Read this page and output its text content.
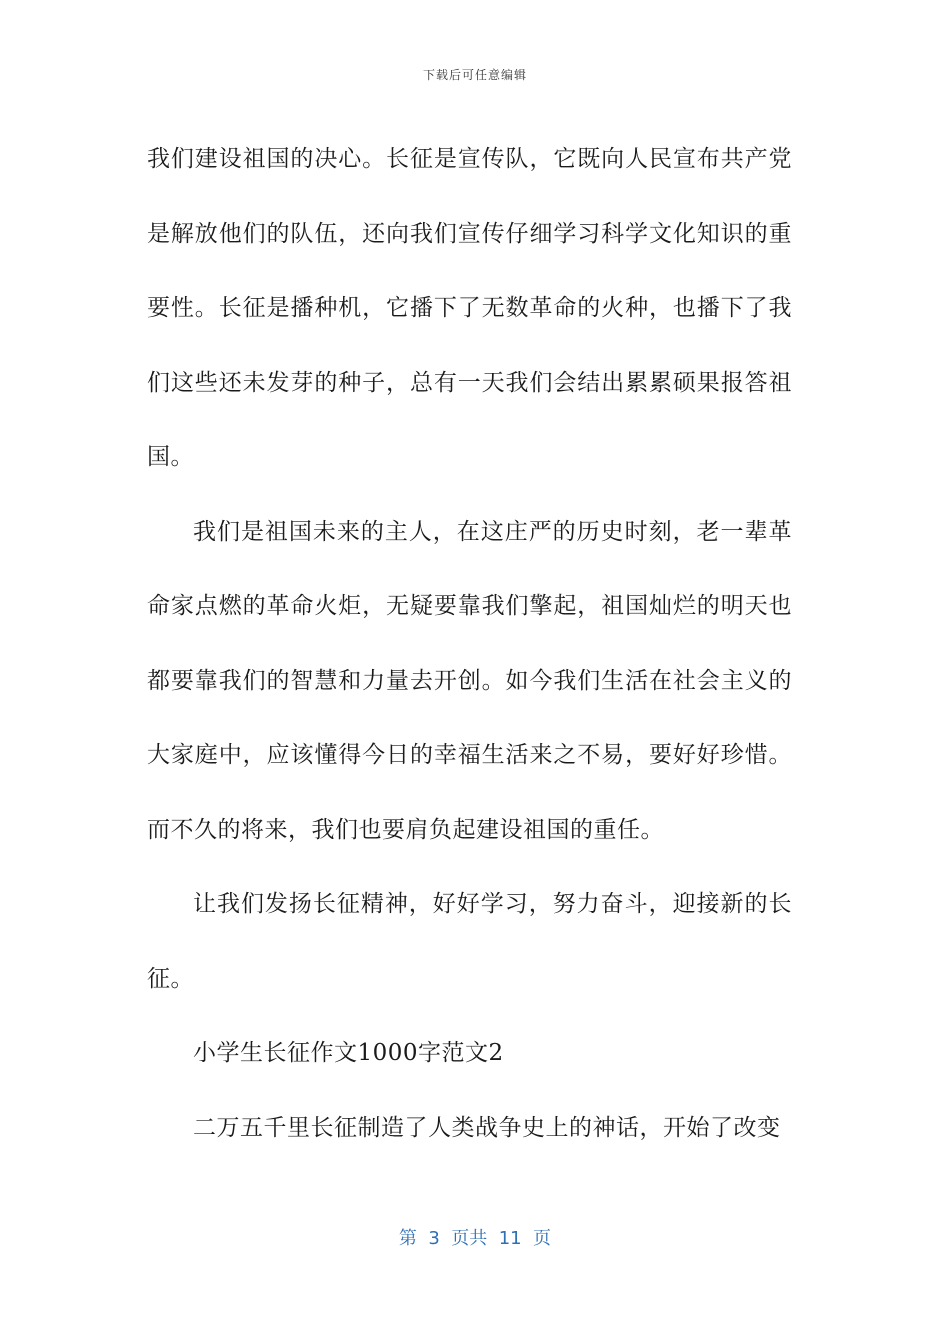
下载后可任意编辑

我们建设祖国的决心。长征是宣传队，它既向人民宣布共产党是解放他们的队伍，还向我们宣传仔细学习科学文化知识的重要性。长征是播种机，它播下了无数革命的火种，也播下了我们这些还未发芽的种子，总有一天我们会结出累累硕果报答祖国。

我们是祖国未来的主人，在这庄严的历史时刻，老一辈革命家点燃的革命火炬，无疑要靠我们擎起，祖国灿烂的明天也都要靠我们的智慧和力量去开创。如今我们生活在社会主义的大家庭中，应该懂得今日的幸福生活来之不易，要好好珍惜。而不久的将来，我们也要肩负起建设祖国的重任。

让我们发扬长征精神，好好学习，努力奋斗，迎接新的长征。

小学生长征作文1000字范文2

二万五千里长征制造了人类战争史上的神话，开始了改变

第  3  页共  11  页
